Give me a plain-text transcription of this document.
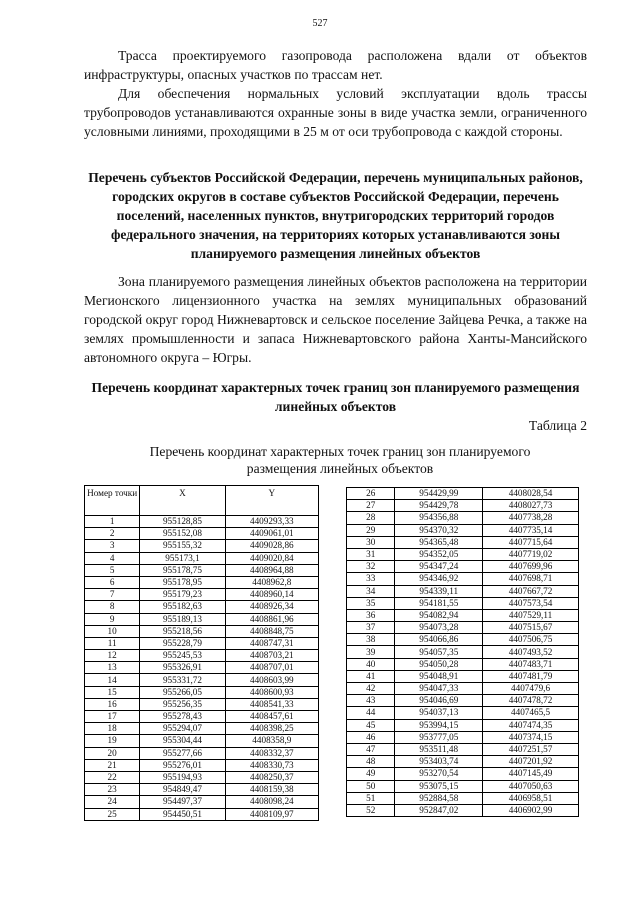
527

Трасса проектируемого газопровода расположена вдали от объектов инфраструктуры, опасных участков по трассам нет.

Для обеспечения нормальных условий эксплуатации вдоль трассы трубопроводов устанавливаются охранные зоны в виде участка земли, ограниченного условными линиями, проходящими в 25 м от оси трубопровода с каждой стороны.

Перечень субъектов Российской Федерации, перечень муниципальных районов, городских округов в составе субъектов Российской Федерации, перечень поселений, населенных пунктов, внутригородских территорий городов федерального значения, на территориях которых устанавливаются зоны планируемого размещения линейных объектов

Зона планируемого размещения линейных объектов расположена на территории Мегионского лицензионного участка на землях муниципальных образований городской округ город Нижневартовск и сельское поселение Зайцева Речка, а также на землях промышленности и запаса Нижневартовского района Ханты-Мансийского автономного округа – Югры.

Перечень координат характерных точек границ зон планируемого размещения линейных объектов

Таблица 2

Перечень координат характерных точек границ зон планируемого размещения линейных объектов

Номер точки	X	Y
1	955128,85	4409293,33
2	955152,08	4409061,01
3	955155,32	4409028,86
4	955173,1	4409020,84
5	955178,75	4408964,88
6	955178,95	4408962,8
7	955179,23	4408960,14
8	955182,63	4408926,34
9	955189,13	4408861,96
10	955218,56	4408848,75
11	955228,79	4408747,31
12	955245,53	4408703,21
13	955326,91	4408707,01
14	955331,72	4408603,99
15	955266,05	4408600,93
16	955256,35	4408541,33
17	955278,43	4408457,61
18	955294,07	4408398,25
19	955304,44	4408358,9
20	955277,66	4408332,37
21	955276,01	4408330,73
22	955194,93	4408250,37
23	954849,47	4408159,38
24	954497,37	4408098,24
25	954450,51	4408109,97
26	954429,99	4408028,54
27	954429,78	4408027,73
28	954356,88	4407738,28
29	954370,32	4407735,14
30	954365,48	4407715,64
31	954352,05	4407719,02
32	954347,24	4407699,96
33	954346,92	4407698,71
34	954339,11	4407667,72
35	954181,55	4407573,54
36	954082,94	4407529,11
37	954073,28	4407515,67
38	954066,86	4407506,75
39	954057,35	4407493,52
40	954050,28	4407483,71
41	954048,91	4407481,79
42	954047,33	4407479,6
43	954046,69	4407478,72
44	954037,13	4407465,5
45	953994,15	4407474,35
46	953777,05	4407374,15
47	953511,48	4407251,57
48	953403,74	4407201,92
49	953270,54	4407145,49
50	953075,15	4407050,63
51	952884,58	4406958,51
52	952847,02	4406902,99
